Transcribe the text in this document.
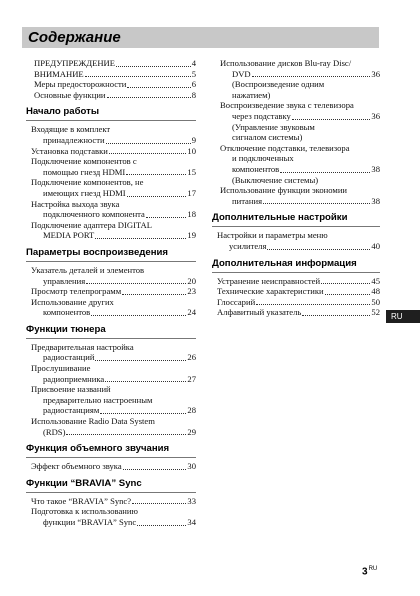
Содержание
ПРЕДУПРЕЖДЕНИЕ	4
ВНИМАНИЕ	5
Меры предосторожности	6
Основные функции	8
Начало работы
Входящие в комплект
принадлежности	9
Установка подставки	10
Подключение компонентов с
помощью гнезд HDMI	15
Подключение компонентов, не
имеющих гнезд HDMI	17
Настройка выхода звука
подключенного компонента	18
Подключение адаптера DIGITAL
MEDIA PORT	19
Параметры воспроизведения
Указатель деталей и элементов
управления	20
Просмотр телепрограмм	23
Использование других
компонентов	24
Функции тюнера
Предварительная настройка
радиостанций	26
Прослушивание
радиоприемника	27
Присвоение названий
предварительно настроенным
радиостанциям	28
Использование Radio Data System
(RDS)	29
Функция объемного звучания
Эффект объемного звука	30
Функции “BRAVIA” Sync
Что такое “BRAVIA” Sync?	33
Подготовка к использованию
функции “BRAVIA” Sync	34
Использование дисков Blu-ray Disc/
DVD	36
(Воспроизведение одним
нажатием)
Воспроизведение звука с телевизора
через подставку	36
(Управление звуковым
сигналом системы)
Отключение подставки, телевизора
и подключенных
компонентов	38
(Выключение системы)
Использование функции экономии
питания	38
Дополнительные настройки
Настройки и параметры меню
усилителя	40
Дополнительная информация
Устранение неисправностей	45
Технические характеристики	48
Глоссарий	50
Алфавитный указатель	52	RU
$3^{RU}$
